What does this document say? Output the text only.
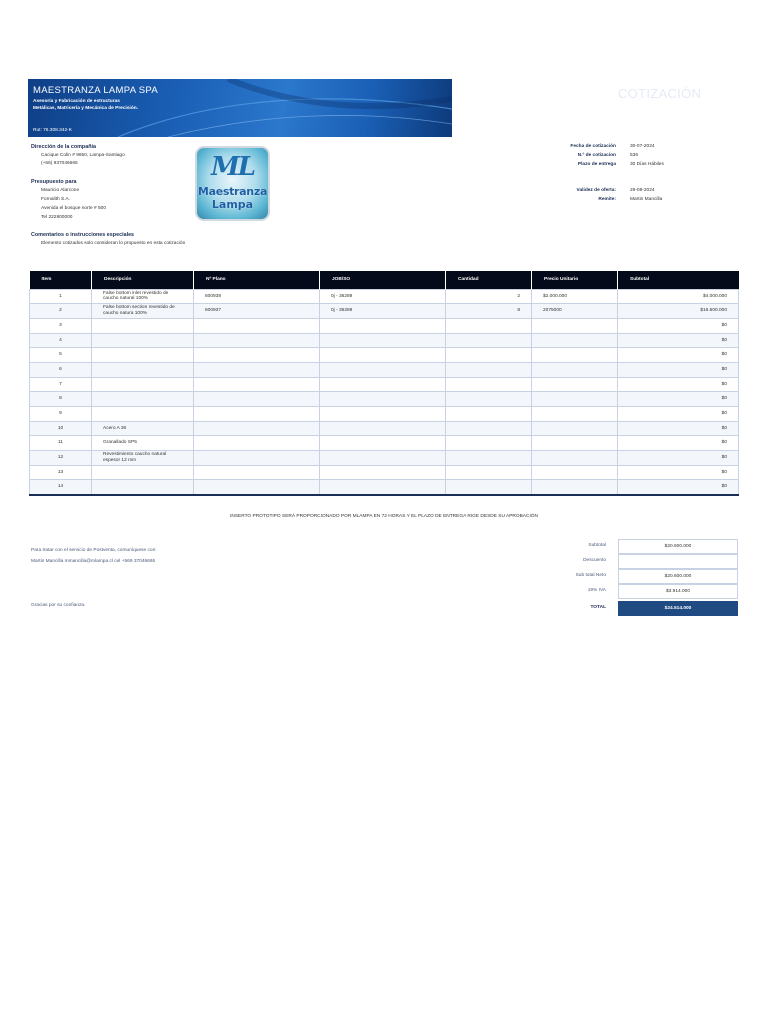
MAESTRANZA LAMPA SPA
Asesoría y Fabricación de estructuras
Metálicas, Matricería y Mecánica de Precisión.
Rut: 76.308.342-K
COTIZACIÓN
Dirección de la compañía
Cacique Colin # 9650, Lampa-Santiago
(+56) 937046665
Presupuesto para
Mauricio Alarcone
Fornalith S.A.
Avenida el bosque norte # 500
Tel 222900000
Comentarios o instrucciones especiales
Elemento cotizados solo consideran lo propuesto en esta cotización
ML
Maestranza
Lampa
Fecha de cotización	30-07-2024
N.º de cotizacion	536
Plazo de entrega	30 Días Hábiles
Validez de oferta:	29-08-2024
Remite:	Martin Mancilla
Item	Descripción	Nº Plano	JOB/SO	Cantidad	Precio Unitario	Subtotal
1	False bottom inlet revestido de caucho natural 100%	600938	0j - 36289	2	$2.000.000	$4.000.000
2	False bottom section revestido de caucho natura 100%	600937	0j - 36289	8	2075000	$16.600.000
3						$0
4						$0
5						$0
6						$0
7						$0
8						$0
9						$0
10	Acero A 36					$0
11	Granallado SP5					$0
12	Revestimiento caucho natural espesor 12 mm					$0
13						$0
14						$0
INSERTO PROTOTIPO SERÁ PROPORCIONADO POR MLAMPA EN 72 HORAS Y EL PLAZO DE ENTREGA RIGE DESDE SU APROBACIÓN
Para tratar con el servicio de Postventa, comuníquese con:
Martin Mancilla mmancilla@mlampa.cl cel +569 37046665
Gracias por su confianza.
Subtotal	$20.600.000
Descuento
Sub total Neto	$20.600.000
19% IVA	$3.914.000
TOTAL	$24.514.000
